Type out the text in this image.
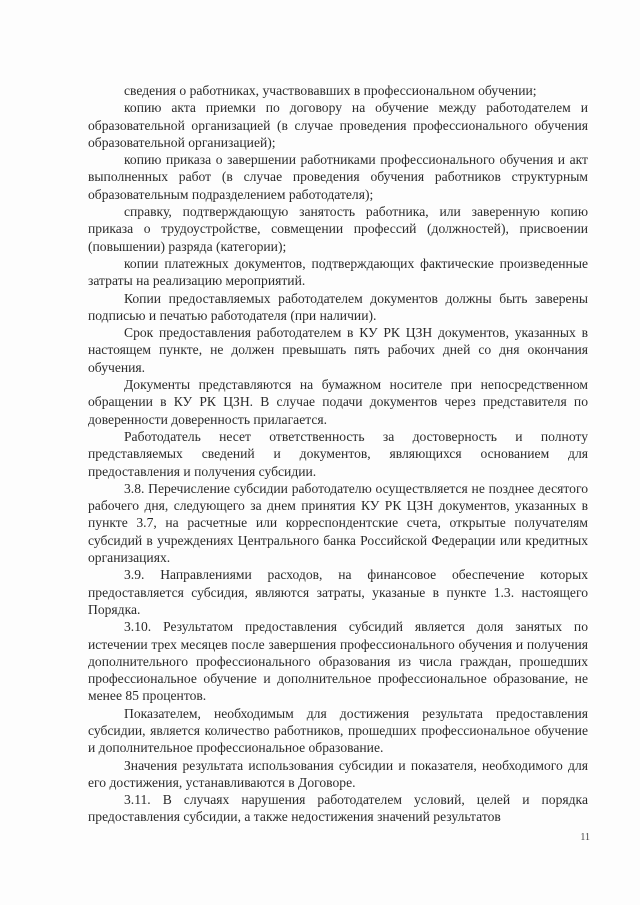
сведения о работниках, участвовавших в профессиональном обучении;

копию акта приемки по договору на обучение между работодателем и образовательной организацией (в случае проведения профессионального обучения образовательной организацией);

копию приказа о завершении работниками профессионального обучения и акт выполненных работ (в случае проведения обучения работников структурным образовательным подразделением работодателя);

справку, подтверждающую занятость работника, или заверенную копию приказа о трудоустройстве, совмещении профессий (должностей), присвоении (повышении) разряда (категории);

копии платежных документов, подтверждающих фактические произведенные затраты на реализацию мероприятий.

Копии предоставляемых работодателем документов должны быть заверены подписью и печатью работодателя (при наличии).

Срок предоставления работодателем в КУ РК ЦЗН документов, указанных в настоящем пункте, не должен превышать пять рабочих дней со дня окончания обучения.

Документы представляются на бумажном носителе при непосредственном обращении в КУ РК ЦЗН. В случае подачи документов через представителя по доверенности доверенность прилагается.

Работодатель несет ответственность за достоверность и полноту представляемых сведений и документов, являющихся основанием для предоставления и получения субсидии.

3.8. Перечисление субсидии работодателю осуществляется не позднее десятого рабочего дня, следующего за днем принятия КУ РК ЦЗН документов, указанных в пункте 3.7, на расчетные или корреспондентские счета, открытые получателям субсидий в учреждениях Центрального банка Российской Федерации или кредитных организациях.

3.9. Направлениями расходов, на финансовое обеспечение которых предоставляется субсидия, являются затраты, указаные в пункте 1.3. настоящего Порядка.

3.10. Результатом предоставления субсидий является доля занятых по истечении трех месяцев после завершения профессионального обучения и получения дополнительного профессионального образования из числа граждан, прошедших профессиональное обучение и дополнительное профессиональное образование, не менее 85 процентов.

Показателем, необходимым для достижения результата предоставления субсидии, является количество работников, прошедших профессиональное обучение и дополнительное профессиональное образование.

Значения результата использования субсидии и показателя, необходимого для его достижения, устанавливаются в Договоре.

3.11. В случаях нарушения работодателем условий, целей и порядка предоставления субсидии, а также недостижения значений результатов

11
